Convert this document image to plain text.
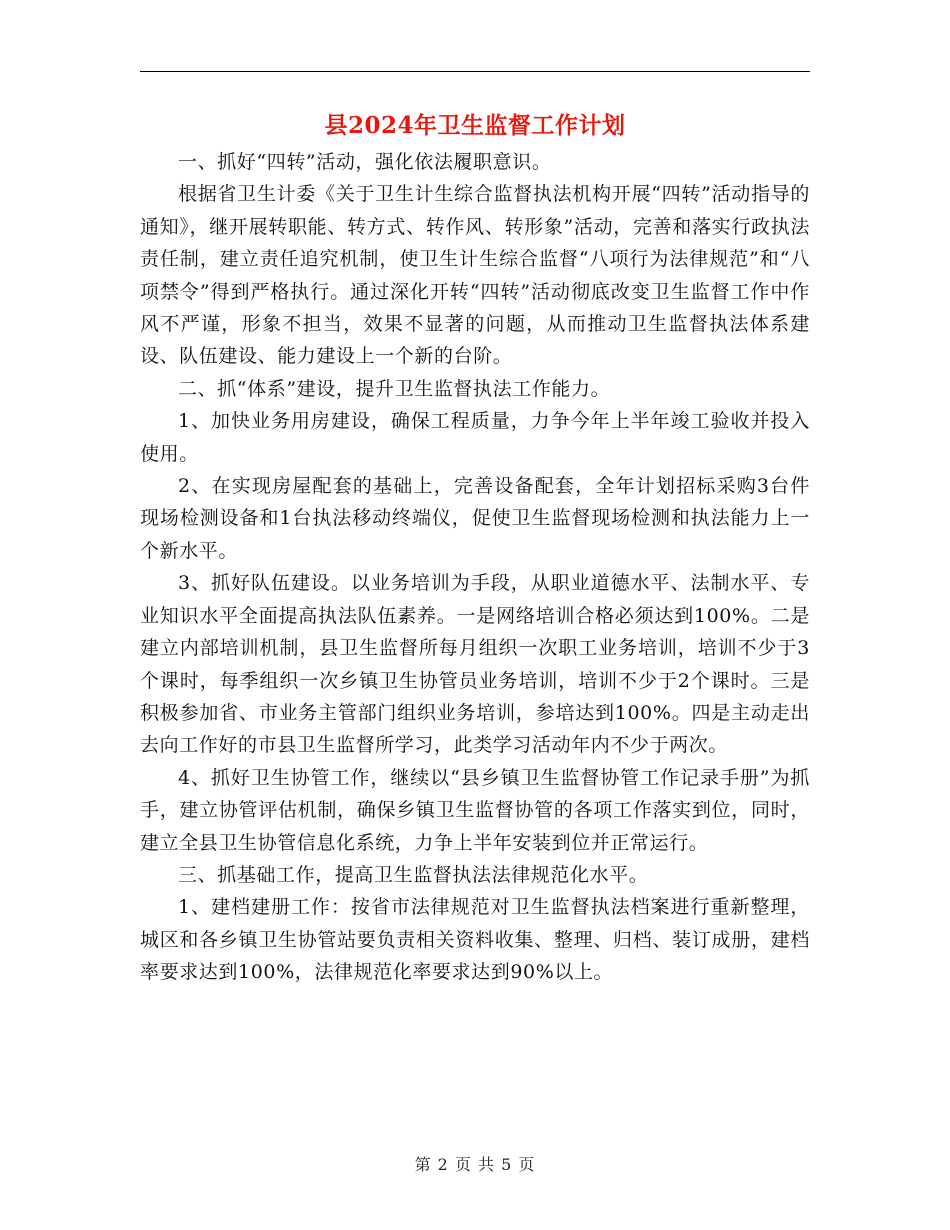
县2024年卫生监督工作计划

一、抓好“四转”活动，强化依法履职意识。

根据省卫生计委《关于卫生计生综合监督执法机构开展“四转”活动指导的通知》，继开展转职能、转方式、转作风、转形象”活动，完善和落实行政执法责任制，建立责任追究机制，使卫生计生综合监督“八项行为法律规范”和“八项禁令”得到严格执行。通过深化开转“四转”活动彻底改变卫生监督工作中作风不严谨，形象不担当，效果不显著的问题，从而推动卫生监督执法体系建设、队伍建设、能力建设上一个新的台阶。

二、抓“体系”建设，提升卫生监督执法工作能力。

1、加快业务用房建设，确保工程质量，力争今年上半年竣工验收并投入使用。

2、在实现房屋配套的基础上，完善设备配套，全年计划招标采购3台件现场检测设备和1台执法移动终端仪，促使卫生监督现场检测和执法能力上一个新水平。

3、抓好队伍建设。以业务培训为手段，从职业道德水平、法制水平、专业知识水平全面提高执法队伍素养。一是网络培训合格必须达到100%。二是建立内部培训机制，县卫生监督所每月组织一次职工业务培训，培训不少于3个课时，每季组织一次乡镇卫生协管员业务培训，培训不少于2个课时。三是积极参加省、市业务主管部门组织业务培训，参培达到100%。四是主动走出去向工作好的市县卫生监督所学习，此类学习活动年内不少于两次。

4、抓好卫生协管工作，继续以“县乡镇卫生监督协管工作记录手册”为抓手，建立协管评估机制，确保乡镇卫生监督协管的各项工作落实到位，同时，建立全县卫生协管信息化系统，力争上半年安装到位并正常运行。

三、抓基础工作，提高卫生监督执法法律规范化水平。

1、建档建册工作：按省市法律规范对卫生监督执法档案进行重新整理，城区和各乡镇卫生协管站要负责相关资料收集、整理、归档、装订成册，建档率要求达到100%，法律规范化率要求达到90%以上。

第 2 页 共 5 页
